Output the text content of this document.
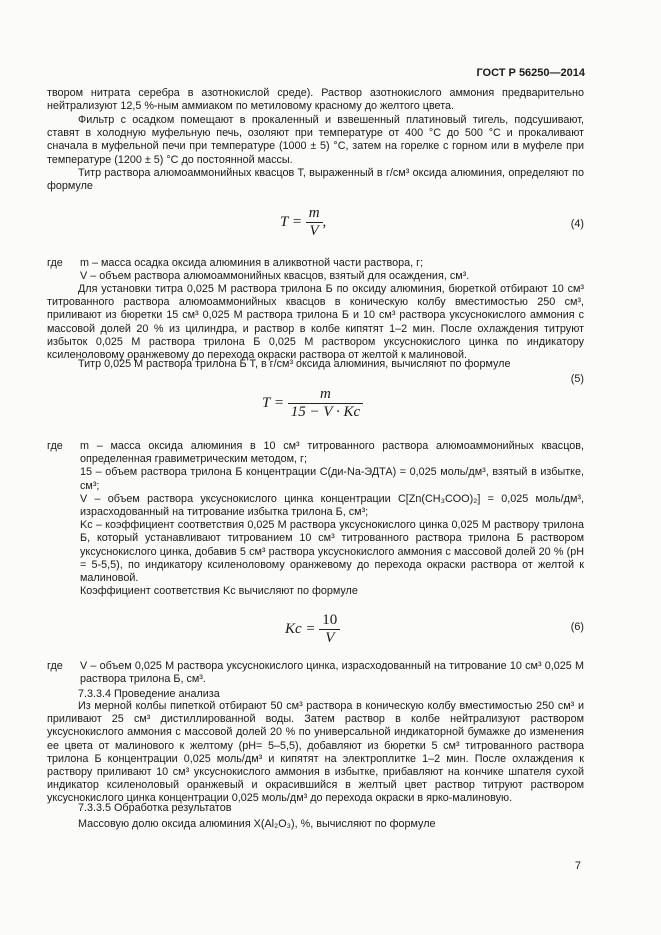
ГОСТ Р 56250—2014
твором нитрата серебра в азотнокислой среде). Раствор азотнокислого аммония предварительно нейтрализуют 12,5 %-ным аммиаком по метиловому красному до желтого цвета.
Фильтр с осадком помещают в прокаленный и взвешенный платиновый тигель, подсушивают, ставят в холодную муфельную печь, озоляют при температуре от 400 °С до 500 °С и прокаливают сначала в муфельной печи при температуре (1000 ± 5) °С, затем на горелке с горном или в муфеле при температуре (1200 ± 5) °С до постоянной массы.
Титр раствора алюмоаммонийных квасцов T, выраженный в г/см³ оксида алюминия, определяют по формуле
$T = \frac{m}{V}$ ,	(4)
где m – масса осадка оксида алюминия в аликвотной части раствора, г;
V – объем раствора алюмоаммонийных квасцов, взятый для осаждения, см³.
Для установки титра 0,025 М раствора трилона Б по оксиду алюминия, бюреткой отбирают 10 см³ титрованного раствора алюмоаммонийных квасцов в коническую колбу вместимостью 250 см³, приливают из бюретки 15 см³ 0,025 М раствора трилона Б и 10 см³ раствора уксуснокислого аммония с массовой долей 20 % из цилиндра, и раствор в колбе кипятят 1–2 мин. После охлаждения титруют избыток 0,025 М раствора трилона Б 0,025 М раствором уксуснокислого цинка по индикатору ксиленоловому оранжевому до перехода окраски раствора от желтой к малиновой.
Титр 0,025 М раствора трилона Б T, в г/см³ оксида алюминия, вычисляют по формуле
$T = \frac{m}{15 - V \cdot Kc}$
(5)
где m – масса оксида алюминия в 10 см³ титрованного раствора алюмоаммонийных квасцов, определенная гравиметрическим методом, г;
15 – объем раствора трилона Б концентрации C(ди-Na-ЭДТА) = 0,025 моль/дм³, взятый в избытке, см³;
V – объем раствора уксуснокислого цинка концентрации C[Zn(CH₃COO)₂] = 0,025 моль/дм³, израсходованный на титрование избытка трилона Б, см³;
Kc – коэффициент соответствия 0,025 М раствора уксуснокислого цинка 0,025 М раствору трилона Б, который устанавливают титрованием 10 см³ титрованного раствора трилона Б раствором уксуснокислого цинка, добавив 5 см³ раствора уксуснокислого аммония с массовой долей 20 % (рН = 5-5,5), по индикатору ксиленоловому оранжевому до перехода окраски раствора от желтой к малиновой.
Коэффициент соответствия Kc вычисляют по формуле
$Kc = \frac{10}{V}$	(6)
где V – объем 0,025 М раствора уксуснокислого цинка, израсходованный на титрование 10 см³ 0,025 М раствора трилона Б, см³.
7.3.3.4 Проведение анализа
Из мерной колбы пипеткой отбирают 50 см³ раствора в коническую колбу вместимостью 250 см³ и приливают 25 см³ дистиллированной воды. Затем раствор в колбе нейтрализуют раствором уксуснокислого аммония с массовой долей 20 % по универсальной индикаторной бумажке до изменения ее цвета от малинового к желтому (рН= 5–5,5), добавляют из бюретки 5 см³ титрованного раствора трилона Б концентрации 0,025 моль/дм³ и кипятят на электроплитке 1–2 мин. После охлаждения к раствору приливают 10 см³ уксуснокислого аммония в избытке, прибавляют на кончике шпателя сухой индикатор ксиленоловый оранжевый и окрасившийся в желтый цвет раствор титруют раствором уксуснокислого цинка концентрации 0,025 моль/дм³ до перехода окраски в ярко-малиновую.
7.3.3.5 Обработка результатов
Массовую долю оксида алюминия X(Al₂O₃), %, вычисляют по формуле
7
